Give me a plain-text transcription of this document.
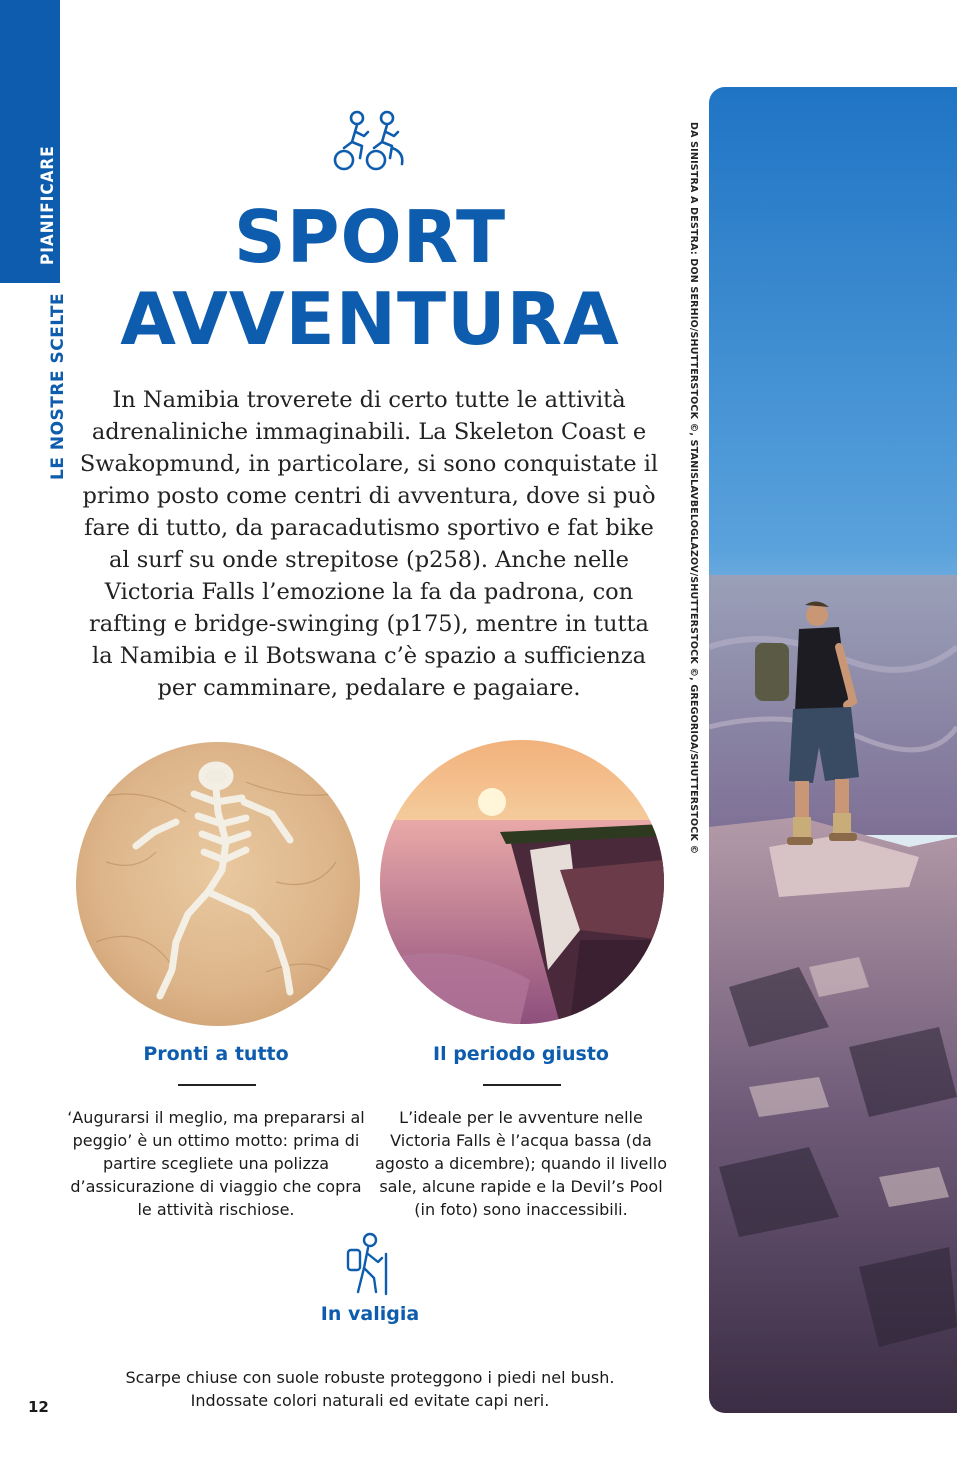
PIANIFICARE
LE NOSTRE SCELTE
SPORT
AVVENTURA

In Namibia troverete di certo tutte le attività adrenaliniche immaginabili. La Skeleton Coast e Swakopmund, in particolare, si sono conquistate il primo posto come centri di avventura, dove si può fare di tutto, da paracadutismo sportivo e fat bike al surf su onde strepitose (p258). Anche nelle Victoria Falls l’emozione la fa da padrona, con rafting e bridge-swinging (p175), mentre in tutta la Namibia e il Botswana c’è spazio a sufficienza per camminare, pedalare e pagaiare.

Pronti a tutto
‘Augurarsi il meglio, ma prepararsi al peggio’ è un ottimo motto: prima di partire scegliete una polizza d’assicurazione di viaggio che copra le attività rischiose.
Il periodo giusto
L’ideale per le avventure nelle Victoria Falls è l’acqua bassa (da agosto a dicembre); quando il livello sale, alcune rapide e la Devil’s Pool (in foto) sono inaccessibili.
In valigia
Scarpe chiuse con suole robuste proteggono i piedi nel bush. Indossate colori naturali ed evitate capi neri.
12
DA SINISTRA A DESTRA: DON SERHIO/SHUTTERSTOCK ©, STANISLAVBELOGLAZOV/SHUTTERSTOCK ©, GREGORIOA/SHUTTERSTOCK ©
